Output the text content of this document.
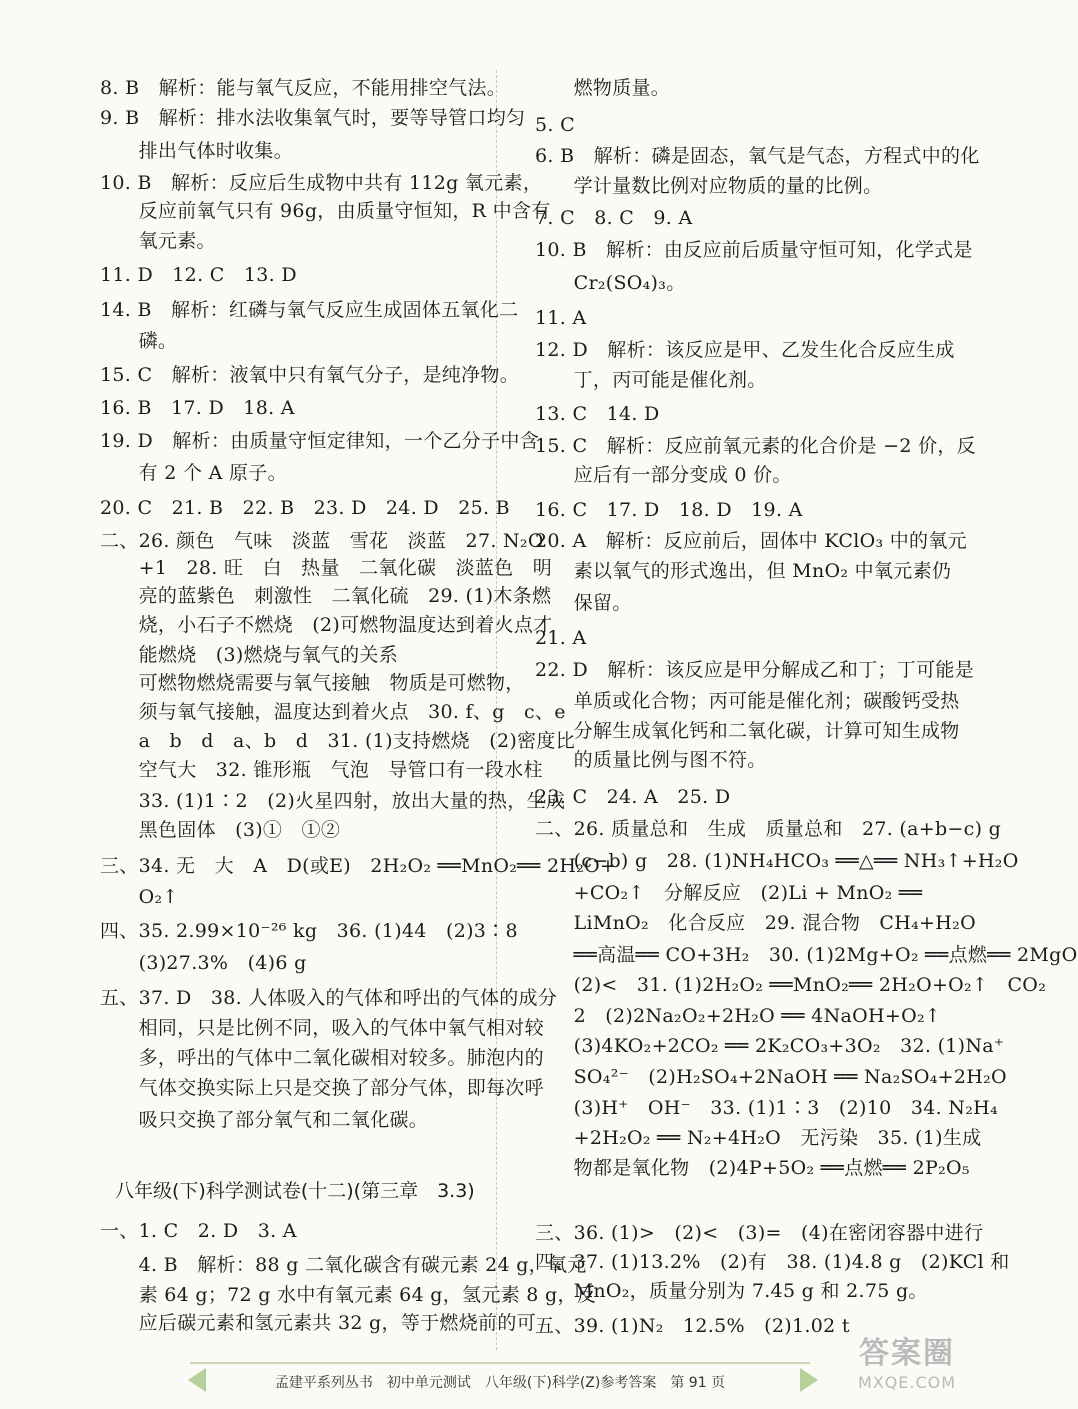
8. B　解析：能与氧气反应，不能用排空气法。
9. B　解析：排水法收集氧气时，要等导管口均匀
　　排出气体时收集。
10. B　解析：反应后生成物中共有 112g 氧元素，
　　反应前氧气只有 96g，由质量守恒知，R 中含有
　　氧元素。
11. D　12. C　13. D
14. B　解析：红磷与氧气反应生成固体五氧化二
　　磷。
15. C　解析：液氧中只有氧气分子，是纯净物。
16. B　17. D　18. A
19. D　解析：由质量守恒定律知，一个乙分子中含
　　有 2 个 A 原子。
20. C　21. B　22. B　23. D　24. D　25. B
二、26. 颜色　气味　淡蓝　雪花　淡蓝　27. N₂O
　　+1　28. 旺　白　热量　二氧化碳　淡蓝色　明
　　亮的蓝紫色　刺激性　二氧化硫　29. (1)木条燃
　　烧，小石子不燃烧　(2)可燃物温度达到着火点才
　　能燃烧　(3)燃烧与氧气的关系
　　可燃物燃烧需要与氧气接触　物质是可燃物，
　　须与氧气接触，温度达到着火点　30. f、g　c、e
　　a　b　d　a、b　d　31. (1)支持燃烧　(2)密度比
　　空气大　32. 锥形瓶　气泡　导管口有一段水柱
　　33. (1)1∶2　(2)火星四射，放出大量的热，生成
　　黑色固体　(3)①　①②
三、34. 无　大　A　D(或E)　2H₂O₂ ══MnO₂══ 2H₂O+
　　O₂↑
四、35. 2.99×10⁻²⁶ kg　36. (1)44　(2)3∶8
　　(3)27.3%　(4)6 g
五、37. D　38. 人体吸入的气体和呼出的气体的成分
　　相同，只是比例不同，吸入的气体中氧气相对较
　　多，呼出的气体中二氧化碳相对较多。肺泡内的
　　气体交换实际上只是交换了部分气体，即每次呼
　　吸只交换了部分氧气和二氧化碳。
一、1. C　2. D　3. A
　　4. B　解析：88 g 二氧化碳含有碳元素 24 g，氧元
　　素 64 g；72 g 水中有氧元素 64 g，氢元素 8 g，反
　　应后碳元素和氢元素共 32 g，等于燃烧前的可
八年级(下)科学测试卷(十二)(第三章　3.3)
　　燃物质量。
5. C
6. B　解析：磷是固态，氧气是气态，方程式中的化
　　学计量数比例对应物质的量的比例。
7. C　8. C　9. A
10. B　解析：由反应前后质量守恒可知，化学式是
　　Cr₂(SO₄)₃。
11. A
12. D　解析：该反应是甲、乙发生化合反应生成
　　丁，丙可能是催化剂。
13. C　14. D
15. C　解析：反应前氧元素的化合价是 −2 价，反
　　应后有一部分变成 0 价。
16. C　17. D　18. D　19. A
20. A　解析：反应前后，固体中 KClO₃ 中的氧元
　　素以氧气的形式逸出，但 MnO₂ 中氧元素仍
　　保留。
21. A
22. D　解析：该反应是甲分解成乙和丁；丁可能是
　　单质或化合物；丙可能是催化剂；碳酸钙受热
　　分解生成氧化钙和二氧化碳，计算可知生成物
　　的质量比例与图不符。
23. C　24. A　25. D
二、26. 质量总和　生成　质量总和　27. (a+b−c) g
　　(c−b) g　28. (1)NH₄HCO₃ ══△══ NH₃↑+H₂O
　　+CO₂↑　分解反应　(2)Li + MnO₂ ══
　　LiMnO₂　化合反应　29. 混合物　CH₄+H₂O
　　══高温══ CO+3H₂　30. (1)2Mg+O₂ ══点燃══ 2MgO
　　(2)<　31. (1)2H₂O₂ ══MnO₂══ 2H₂O+O₂↑　CO₂
　　2　(2)2Na₂O₂+2H₂O ══ 4NaOH+O₂↑
　　(3)4KO₂+2CO₂ ══ 2K₂CO₃+3O₂　32. (1)Na⁺
　　SO₄²⁻　(2)H₂SO₄+2NaOH ══ Na₂SO₄+2H₂O
　　(3)H⁺　OH⁻　33. (1)1∶3　(2)10　34. N₂H₄
　　+2H₂O₂ ══ N₂+4H₂O　无污染　35. (1)生成
　　物都是氧化物　(2)4P+5O₂ ══点燃══ 2P₂O₅
三、36. (1)>　(2)<　(3)=　(4)在密闭容器中进行
四、37. (1)13.2%　(2)有　38. (1)4.8 g　(2)KCl 和
　　MnO₂，质量分别为 7.45 g 和 2.75 g。
五、39. (1)N₂　12.5%　(2)1.02 t
孟建平系列丛书　初中单元测试　八年级(下)科学(Z)参考答案　第 91 页
答案圈
MXQE.COM
